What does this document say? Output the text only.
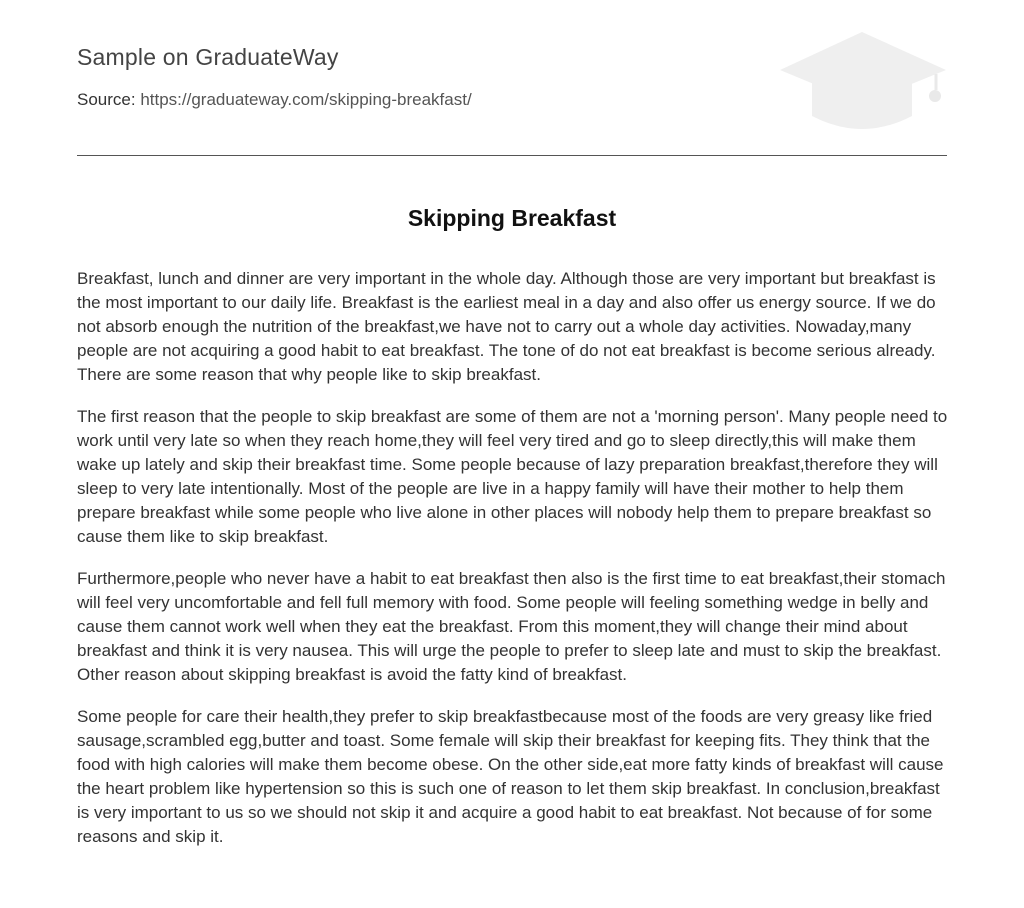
Sample on GraduateWay
Source: https://graduateway.com/skipping-breakfast/
Skipping Breakfast

Breakfast, lunch and dinner are very important in the whole day. Although those are very important but breakfast is the most important to our daily life. Breakfast is the earliest meal in a day and also offer us energy source. If we do not absorb enough the nutrition of the breakfast,we have not to carry out a whole day activities. Nowaday,many people are not acquiring a good habit to eat breakfast. The tone of do not eat breakfast is become serious already. There are some reason that why people like to skip breakfast.

The first reason that the people to skip breakfast are some of them are not a 'morning person'. Many people need to work until very late so when they reach home,they will feel very tired and go to sleep directly,this will make them wake up lately and skip their breakfast time. Some people because of lazy preparation breakfast,therefore they will sleep to very late intentionally. Most of the people are live in a happy family will have their mother to help them prepare breakfast while some people who live alone in other places will nobody help them to prepare breakfast so cause them like to skip breakfast.

Furthermore,people who never have a habit to eat breakfast then also is the first time to eat breakfast,their stomach will feel very uncomfortable and fell full memory with food. Some people will feeling something wedge in belly and cause them cannot work well when they eat the breakfast. From this moment,they will change their mind about breakfast and think it is very nausea. This will urge the people to prefer to sleep late and must to skip the breakfast. Other reason about skipping breakfast is avoid the fatty kind of breakfast.

Some people for care their health,they prefer to skip breakfastbecause most of the foods are very greasy like fried sausage,scrambled egg,butter and toast. Some female will skip their breakfast for keeping fits. They think that the food with high calories will make them become obese. On the other side,eat more fatty kinds of breakfast will cause the heart problem like hypertension so this is such one of reason to let them skip breakfast. In conclusion,breakfast is very important to us so we should not skip it and acquire a good habit to eat breakfast. Not because of for some reasons and skip it.
